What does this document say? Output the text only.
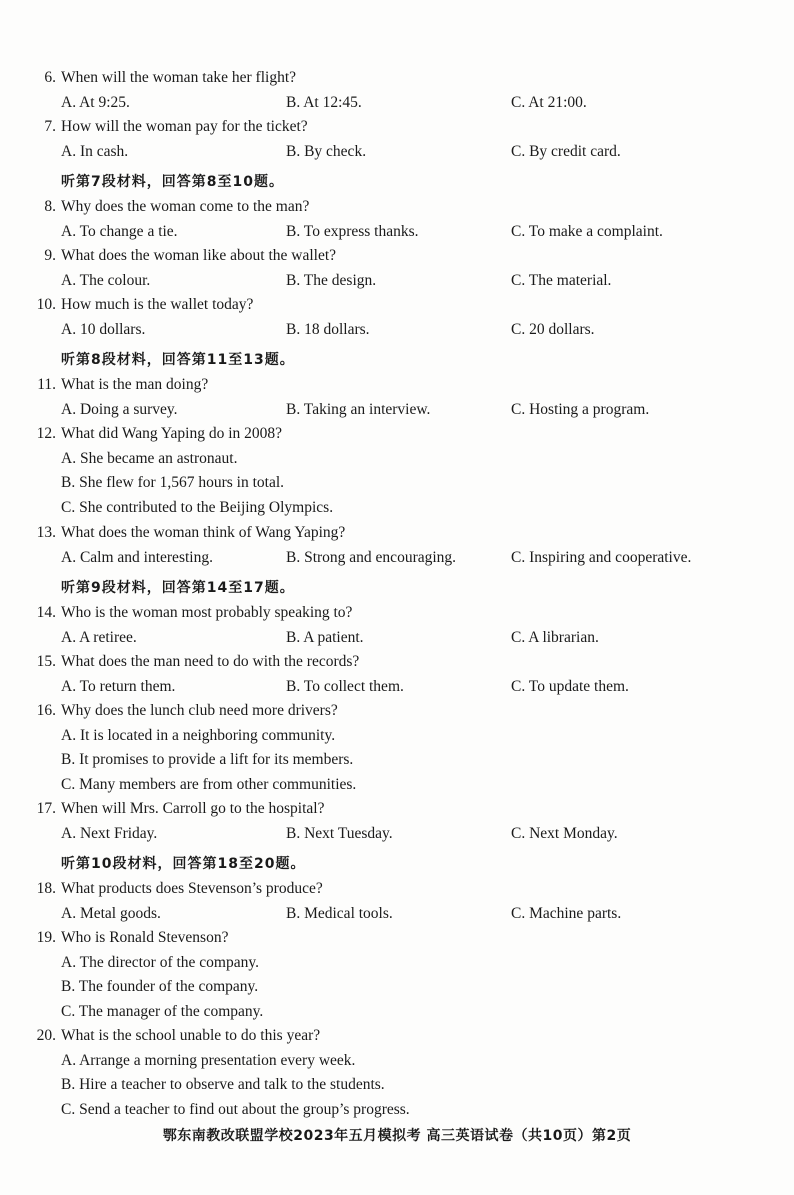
6. When will the woman take her flight?
A. At 9:25.	B. At 12:45.	C. At 21:00.
7. How will the woman pay for the ticket?
A. In cash.	B. By check.	C. By credit card.
听第7段材料，回答第8至10题。
8. Why does the woman come to the man?
A. To change a tie.	B. To express thanks.	C. To make a complaint.
9. What does the woman like about the wallet?
A. The colour.	B. The design.	C. The material.
10. How much is the wallet today?
A. 10 dollars.	B. 18 dollars.	C. 20 dollars.
听第8段材料，回答第11至13题。
11. What is the man doing?
A. Doing a survey.	B. Taking an interview.	C. Hosting a program.
12. What did Wang Yaping do in 2008?
A. She became an astronaut.
B. She flew for 1,567 hours in total.
C. She contributed to the Beijing Olympics.
13. What does the woman think of Wang Yaping?
A. Calm and interesting.	B. Strong and encouraging.	C. Inspiring and cooperative.
听第9段材料，回答第14至17题。
14. Who is the woman most probably speaking to?
A. A retiree.	B. A patient.	C. A librarian.
15. What does the man need to do with the records?
A. To return them.	B. To collect them.	C. To update them.
16. Why does the lunch club need more drivers?
A. It is located in a neighboring community.
B. It promises to provide a lift for its members.
C. Many members are from other communities.
17. When will Mrs. Carroll go to the hospital?
A. Next Friday.	B. Next Tuesday.	C. Next Monday.
听第10段材料，回答第18至20题。
18. What products does Stevenson’s produce?
A. Metal goods.	B. Medical tools.	C. Machine parts.
19. Who is Ronald Stevenson?
A. The director of the company.
B. The founder of the company.
C. The manager of the company.
20. What is the school unable to do this year?
A. Arrange a morning presentation every week.
B. Hire a teacher to observe and talk to the students.
C. Send a teacher to find out about the group’s progress.
鄂东南教改联盟学校2023年五月模拟考 高三英语试卷（共10页）第2页
